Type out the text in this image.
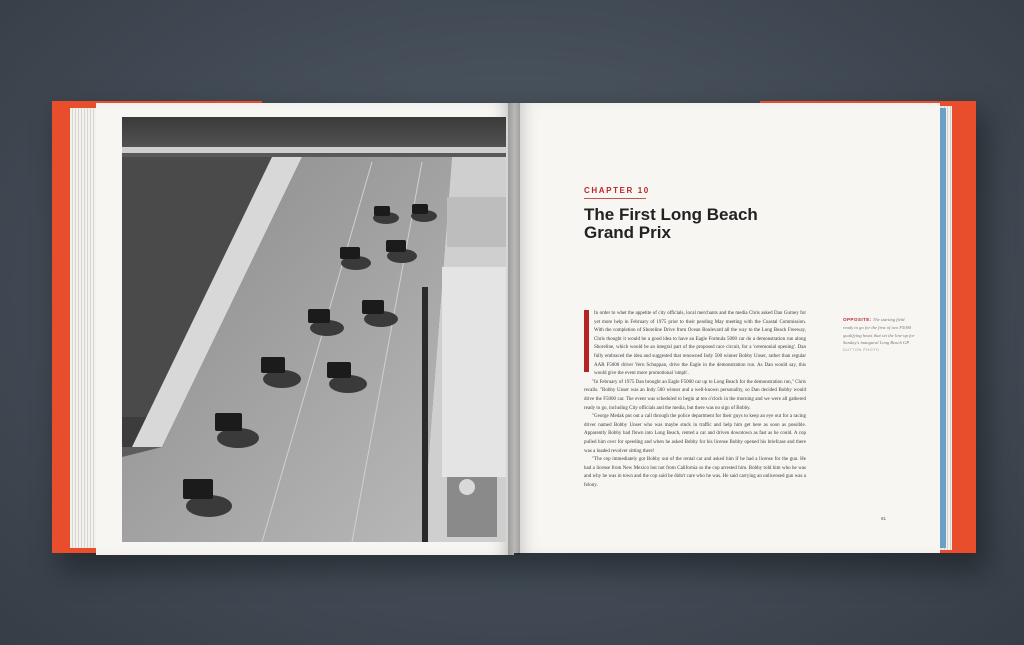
CHAPTER 10
The First Long Beach
Grand Prix

In order to whet the appetite of city officials, local merchants and the media Chris asked Dan Gurney for yet more help in February of 1975 prior to their pending May meeting with the Coastal Commission. With the completion of Shoreline Drive from Ocean Boulevard all the way to the Long Beach Freeway, Chris thought it would be a good idea to have an Eagle Formula 5000 car do a demonstration run along Shoreline, which would be an integral part of the proposed race circuit, for a 'ceremonial opening'. Dan fully embraced the idea and suggested that renowned Indy 500 winner Bobby Unser, rather than regular AAR F5000 driver Vern Schuppan, drive the Eagle in the demonstration run. As Dan would say, this would give the event more promotional 'umph'.

"In February of 1975 Dan brought an Eagle F5000 car up to Long Beach for the demonstration run," Chris recalls. "Bobby Unser was an Indy 500 winner and a well-known personality, so Dan decided Bobby would drive the F5000 car. The event was scheduled to begin at ten o'clock in the morning and we were all gathered ready to go, including City officials and the media, but there was no sign of Bobby.

"George Medak put out a call through the police department for their guys to keep an eye out for a racing driver named Bobby Unser who was maybe stuck in traffic and help him get here as soon as possible. Apparently Bobby had flown into Long Beach, rented a car and driven downtown as fast as he could. A cop pulled him over for speeding and when he asked Bobby for his license Bobby opened his briefcase and there was a loaded revolver sitting there!

"The cop immediately got Bobby out of the rental car and asked him if he had a license for the gun. He had a license from New Mexico but not from California so the cop arrested him. Bobby told him who he was and why he was in town and the cop said he didn't care who he was. He said carrying an unlicensed gun was a felony.

OPPOSITE: The starting field ready to go for the first of two F5000 qualifying heats that set the line-up for Sunday's inaugural Long Beach GP.
DUTTON PHOTO
81
